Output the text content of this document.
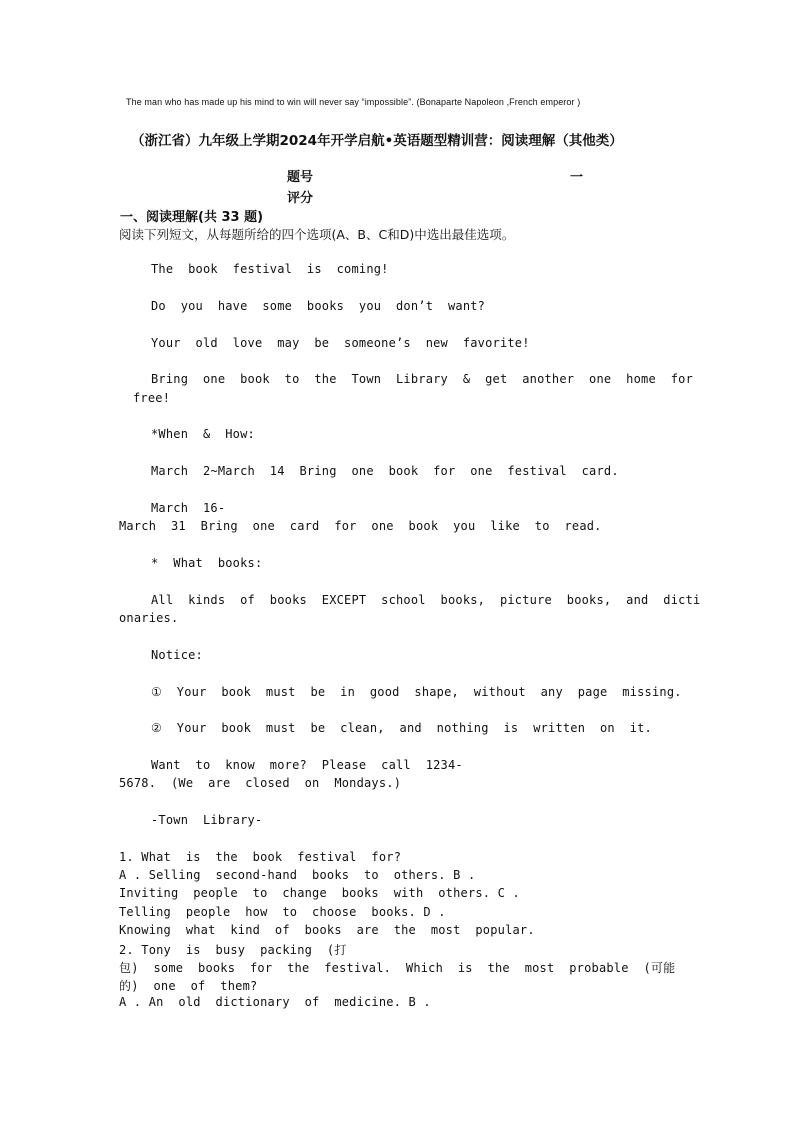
The man who has made up his mind to win will never say “impossible”. (Bonaparte Napoleon ,French emperor )
（浙江省）九年级上学期2024年开学启航•英语题型精训营：阅读理解（其他类）
题号	一
评分
一、阅读理解(共 33 题)
阅读下列短文，从每题所给的四个选项(A、B、C和D)中选出最佳选项。
The  book  festival  is  coming!
Do  you  have  some  books  you  don’t  want?
Your  old  love  may  be  someone’s  new  favorite!
Bring  one  book  to  the  Town  Library  &  get  another  one  home  for
free!
*When  &  How:
March  2~March  14  Bring  one  book  for  one  festival  card.
March  16-
March  31  Bring  one  card  for  one  book  you  like  to  read.
*  What  books:
All  kinds  of  books  EXCEPT  school  books,  picture  books,  and  dicti
onaries.
Notice:
①  Your  book  must  be  in  good  shape,  without  any  page  missing.
②  Your  book  must  be  clean,  and  nothing  is  written  on  it.
Want  to  know  more?  Please  call  1234-
5678.  (We  are  closed  on  Mondays.)
-Town  Library-
1. What  is  the  book  festival  for?
A . Selling  second-hand  books  to  others. B .
Inviting  people  to  change  books  with  others. C .
Telling  people  how  to  choose  books. D .
Knowing  what  kind  of  books  are  the  most  popular.
2. Tony  is  busy  packing  (打
包)  some  books  for  the  festival.  Which  is  the  most  probable  (可能
的)  one  of  them?
A . An  old  dictionary  of  medicine. B .
